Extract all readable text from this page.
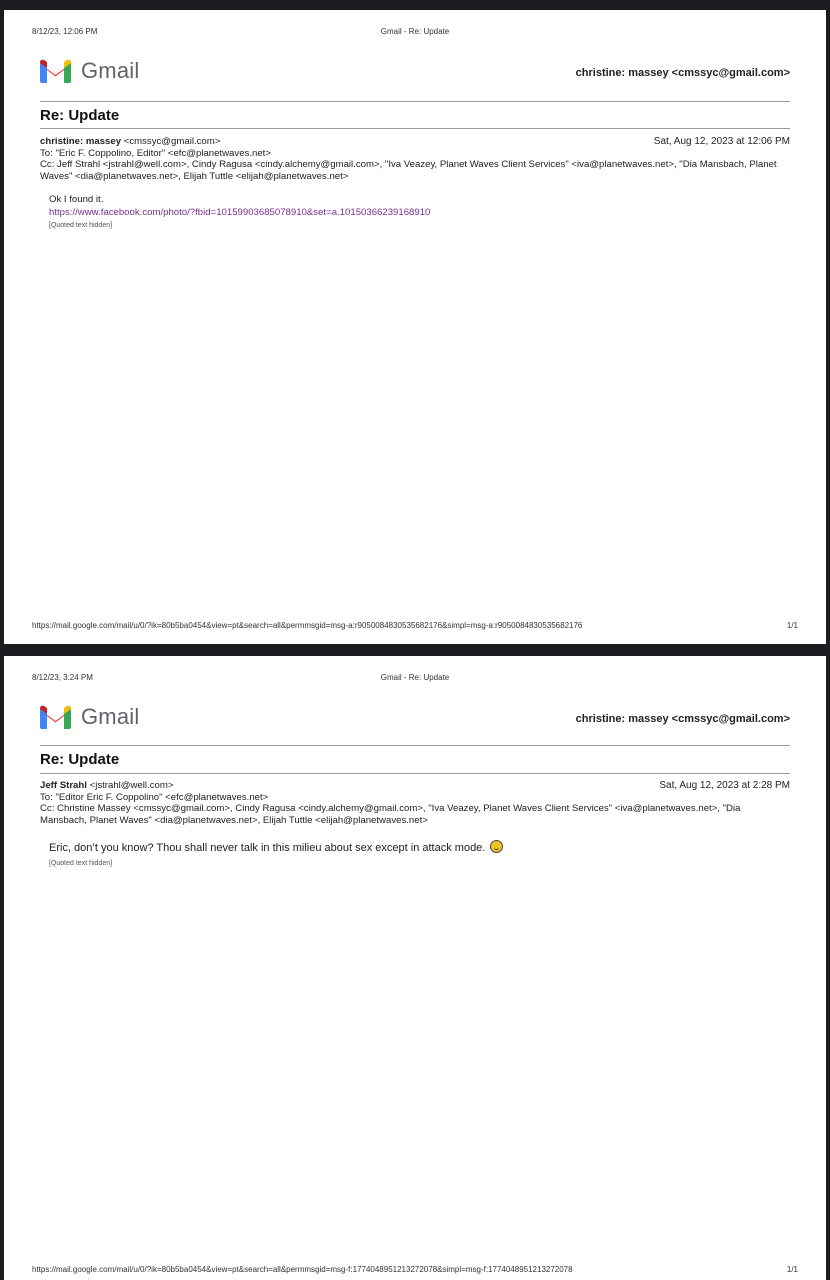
8/12/23, 12:06 PM	Gmail - Re: Update
Gmail	christine: massey <cmssyc@gmail.com>
Re: Update
christine: massey <cmssyc@gmail.com>	Sat, Aug 12, 2023 at 12:06 PM
To: "Eric F. Coppolino, Editor" <efc@planetwaves.net>
Cc: Jeff Strahl <jstrahl@well.com>, Cindy Ragusa <cindy.alchemy@gmail.com>, "Iva Veazey, Planet Waves Client Services" <iva@planetwaves.net>, "Dia Mansbach, Planet Waves" <dia@planetwaves.net>, Elijah Tuttle <elijah@planetwaves.net>
Ok I found it.
https://www.facebook.com/photo/?fbid=10159903685078910&set=a.10150366239168910
[Quoted text hidden]
https://mail.google.com/mail/u/0/?ik=80b5ba0454&view=pt&search=all&permmsgid=msg-a:r9050084830535682176&simpl=msg-a:r9050084830535682176	1/1
8/12/23, 3:24 PM	Gmail - Re: Update
Gmail	christine: massey <cmssyc@gmail.com>
Re: Update
Jeff Strahl <jstrahl@well.com>	Sat, Aug 12, 2023 at 2:28 PM
To: "Editor Eric F. Coppolino" <efc@planetwaves.net>
Cc: Christine Massey <cmssyc@gmail.com>, Cindy Ragusa <cindy.alchemy@gmail.com>, "Iva Veazey, Planet Waves Client Services" <iva@planetwaves.net>, "Dia Mansbach, Planet Waves" <dia@planetwaves.net>, Elijah Tuttle <elijah@planetwaves.net>
Eric, don’t you know? Thou shall never talk in this milieu about sex except in attack mode.
[Quoted text hidden]
https://mail.google.com/mail/u/0/?ik=80b5ba0454&view=pt&search=all&permmsgid=msg-f:1774048951213272078&simpl=msg-f:1774048951213272078	1/1
